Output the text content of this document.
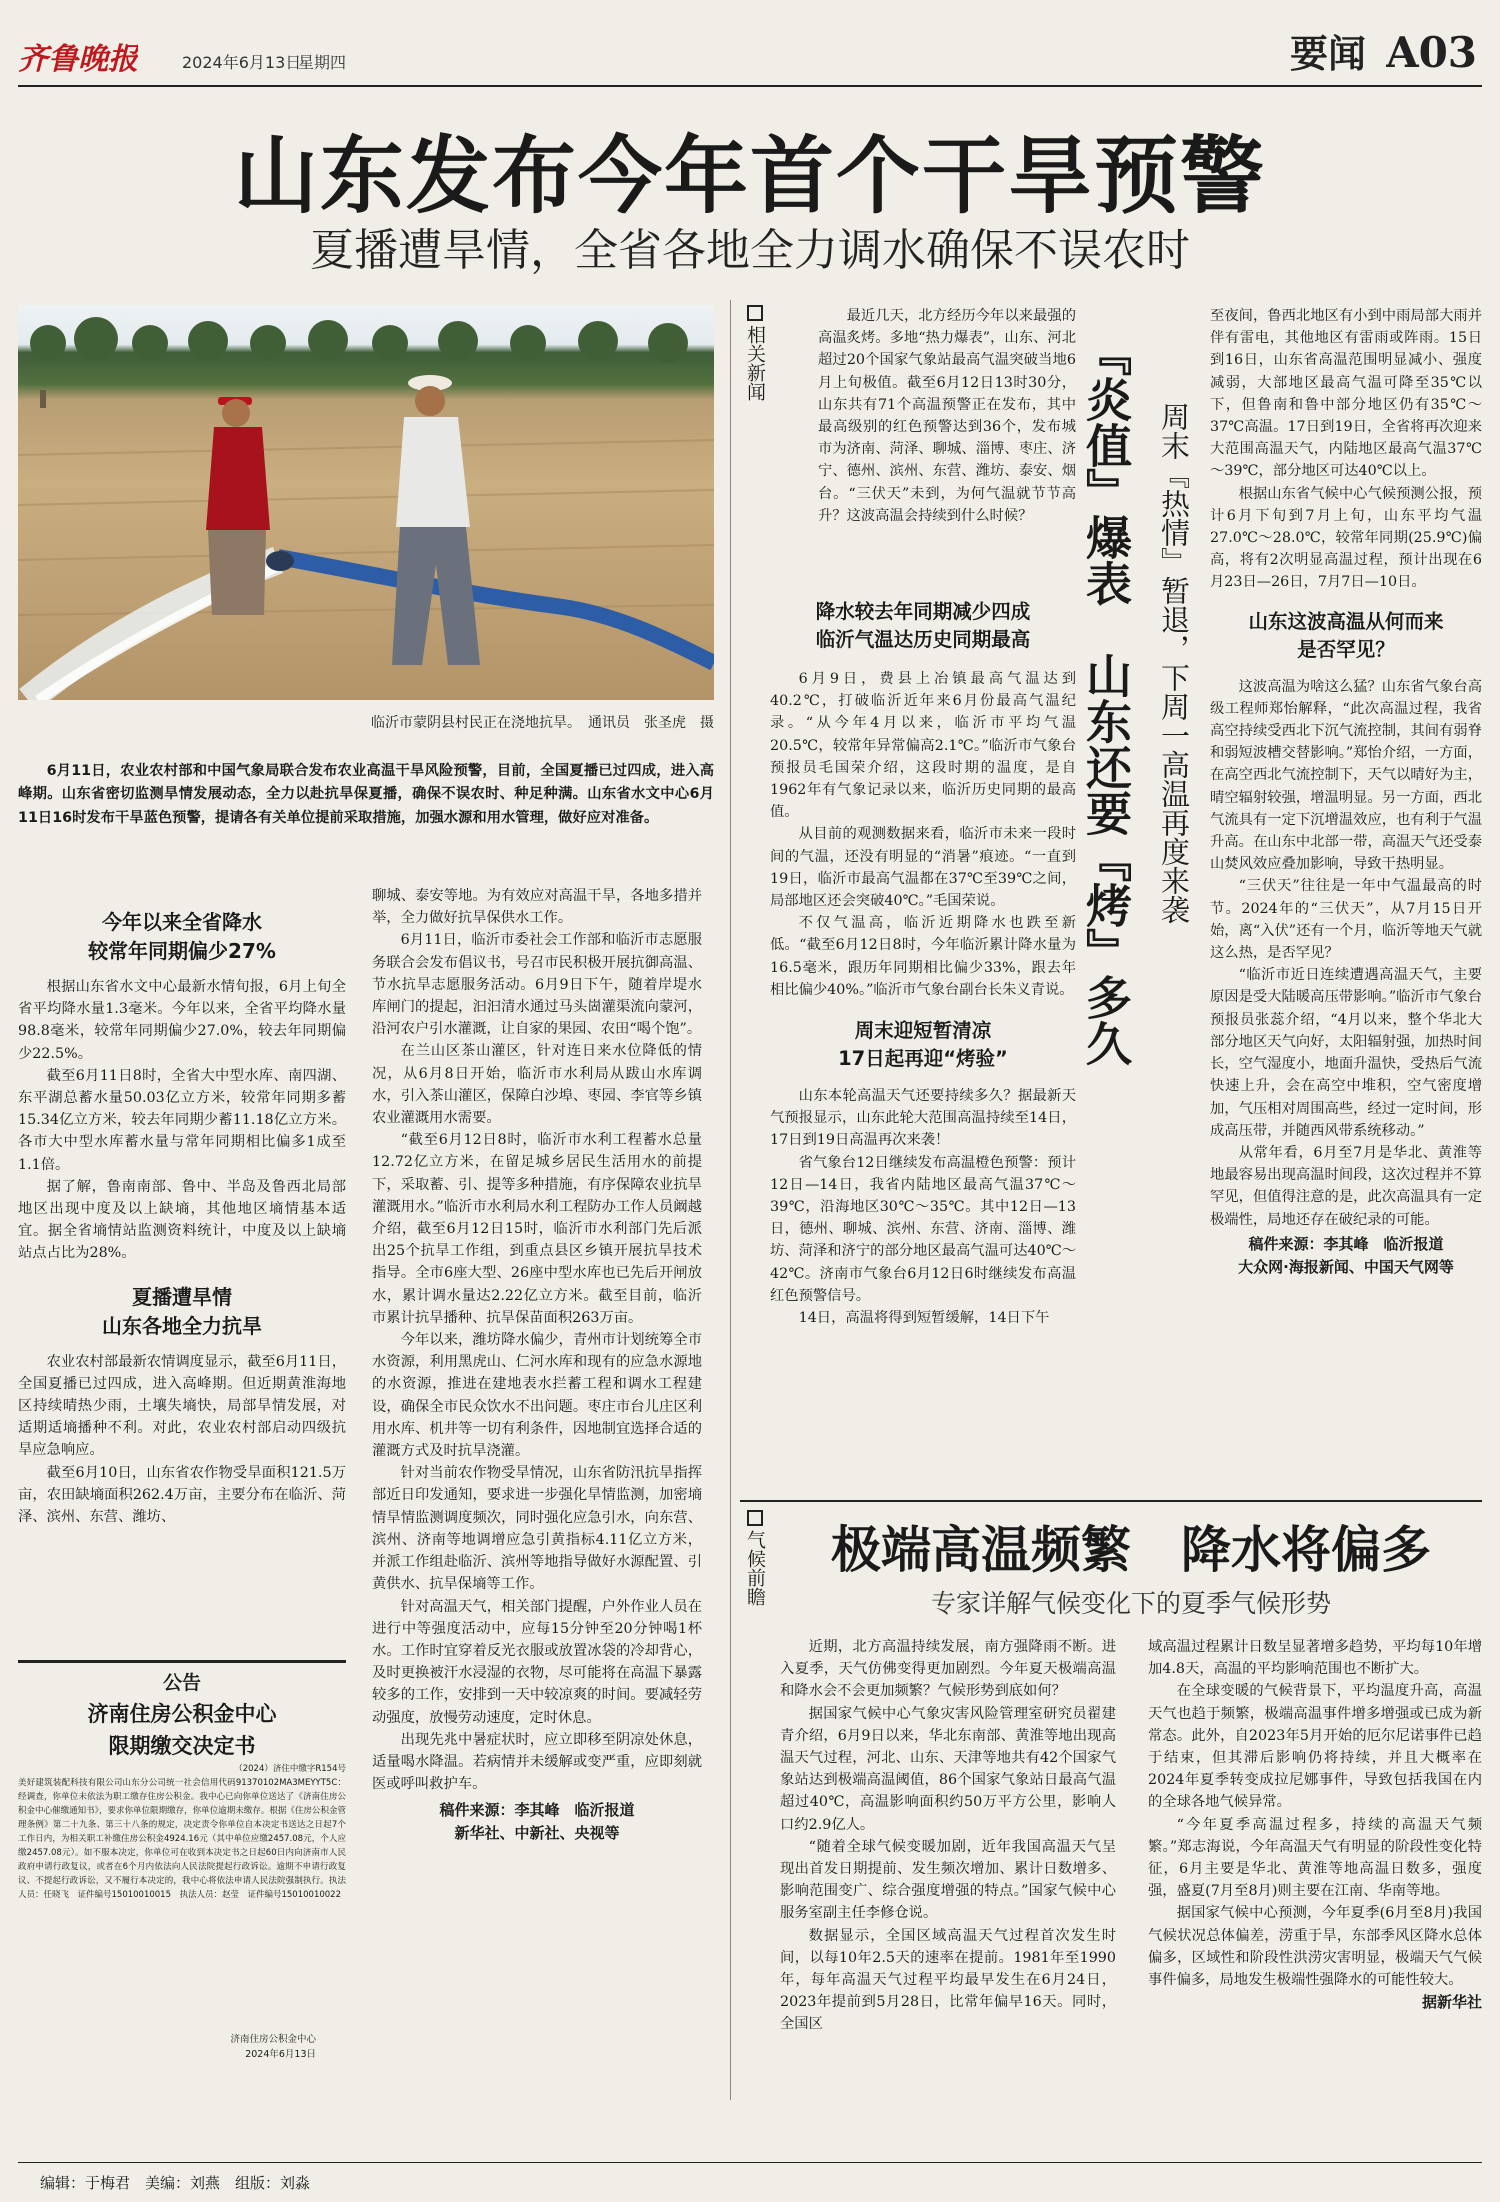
齐鲁晚报	2024年6月13日
星期四	要闻 A03
山东发布今年首个干旱预警
夏播遭旱情，全省各地全力调水确保不误农时
临沂市蒙阴县村民正在浇地抗旱。　通讯员　张圣虎　摄
6月11日，农业农村部和中国气象局联合发布农业高温干旱风险预警，目前，全国夏播已过四成，进入高峰期。山东省密切监测旱情发展动态，全力以赴抗旱保夏播，确保不误农时、种足种满。山东省水文中心6月11日16时发布干旱蓝色预警，提请各有关单位提前采取措施，加强水源和用水管理，做好应对准备。
今年以来全省降水
较常年同期偏少27%

根据山东省水文中心最新水情旬报，6月上旬全省平均降水量1.3毫米。今年以来，全省平均降水量98.8毫米，较常年同期偏少27.0%，较去年同期偏少22.5%。

截至6月11日8时，全省大中型水库、南四湖、东平湖总蓄水量50.03亿立方米，较常年同期多蓄15.34亿立方米，较去年同期少蓄11.18亿立方米。各市大中型水库蓄水量与常年同期相比偏多1成至1.1倍。

据了解，鲁南南部、鲁中、半岛及鲁西北局部地区出现中度及以上缺墒，其他地区墒情基本适宜。据全省墒情站监测资料统计，中度及以上缺墒站点占比为28%。

夏播遭旱情
山东各地全力抗旱

农业农村部最新农情调度显示，截至6月11日，全国夏播已过四成，进入高峰期。但近期黄淮海地区持续晴热少雨，土壤失墒快，局部旱情发展，对适期适墒播种不利。对此，农业农村部启动四级抗旱应急响应。

截至6月10日，山东省农作物受旱面积121.5万亩，农田缺墒面积262.4万亩，主要分布在临沂、菏泽、滨州、东营、潍坊、

公告
济南住房公积金中心
限期缴交决定书
（2024）济住中缴字R154号
美好建筑装配科技有限公司山东分公司统一社会信用代码91370102MA3MEYYT5C：经调查，你单位未依法为职工缴存住房公积金。我中心已向你单位送达了《济南住房公积金中心催缴通知书》，要求你单位限期缴存，你单位逾期未缴存。根据《住房公积金管理条例》第二十九条、第三十八条的规定，决定责令你单位自本决定书送达之日起7个工作日内，为相关职工补缴住房公积金4924.16元（其中单位应缴2457.08元，个人应缴2457.08元）。如不服本决定，你单位可在收到本决定书之日起60日内向济南市人民政府申请行政复议，或者在6个月内依法向人民法院提起行政诉讼。逾期不申请行政复议、不提起行政诉讼，又不履行本决定的，我中心将依法申请人民法院强制执行。执法人员：任晓飞　证件编号15010010015　执法人员：赵莹　证件编号15010010022
济南住房公积金中心
2024年6月13日

聊城、泰安等地。为有效应对高温干旱，各地多措并举，全力做好抗旱保供水工作。

6月11日，临沂市委社会工作部和临沂市志愿服务联合会发布倡议书，号召市民积极开展抗御高温、节水抗旱志愿服务活动。6月9日下午，随着岸堤水库闸门的提起，汩汩清水通过马头崮灌渠流向蒙河，沿河农户引水灌溉，让自家的果园、农田“喝个饱”。

在兰山区茶山灌区，针对连日来水位降低的情况，从6月8日开始，临沂市水利局从跋山水库调水，引入茶山灌区，保障白沙埠、枣园、李官等乡镇农业灌溉用水需要。

“截至6月12日8时，临沂市水利工程蓄水总量12.72亿立方米，在留足城乡居民生活用水的前提下，采取蓄、引、提等多种措施，有序保障农业抗旱灌溉用水。”临沂市水利局水利工程防办工作人员阚越介绍，截至6月12日15时，临沂市水利部门先后派出25个抗旱工作组，到重点县区乡镇开展抗旱技术指导。全市6座大型、26座中型水库也已先后开闸放水，累计调水量达2.22亿立方米。截至目前，临沂市累计抗旱播种、抗旱保苗面积263万亩。

今年以来，潍坊降水偏少，青州市计划统筹全市水资源，利用黑虎山、仁河水库和现有的应急水源地的水资源，推进在建地表水拦蓄工程和调水工程建设，确保全市民众饮水不出问题。枣庄市台儿庄区利用水库、机井等一切有利条件，因地制宜选择合适的灌溉方式及时抗旱浇灌。

针对当前农作物受旱情况，山东省防汛抗旱指挥部近日印发通知，要求进一步强化旱情监测，加密墒情旱情监测调度频次，同时强化应急引水，向东营、滨州、济南等地调增应急引黄指标4.11亿立方米，并派工作组赴临沂、滨州等地指导做好水源配置、引黄供水、抗旱保墒等工作。

针对高温天气，相关部门提醒，户外作业人员在进行中等强度活动中，应每15分钟至20分钟喝1杯水。工作时宜穿着反光衣服或放置冰袋的冷却背心，及时更换被汗水浸湿的衣物，尽可能将在高温下暴露较多的工作，安排到一天中较凉爽的时间。要减轻劳动强度，放慢劳动速度，定时休息。

出现先兆中暑症状时，应立即移至阴凉处休息，适量喝水降温。若病情并未缓解或变严重，应即刻就医或呼叫救护车。

稿件来源：李其峰　临沂报道
新华社、中新社、央视等
相关新闻

最近几天，北方经历今年以来最强的高温炙烤。多地“热力爆表”，山东、河北超过20个国家气象站最高气温突破当地6月上旬极值。截至6月12日13时30分，山东共有71个高温预警正在发布，其中最高级别的红色预警达到36个，发布城市为济南、菏泽、聊城、淄博、枣庄、济宁、德州、滨州、东营、潍坊、泰安、烟台。“三伏天”未到，为何气温就节节高升？这波高温会持续到什么时候？	『炎值』爆表　山东还要『烤』多久 周末『热情』暂退，下周一高温再度来袭
降水较去年同期减少四成
临沂气温达历史同期最高

6月9日，费县上冶镇最高气温达到40.2℃，打破临沂近年来6月份最高气温纪录。“从今年4月以来，临沂市平均气温20.5℃，较常年异常偏高2.1℃。”临沂市气象台预报员毛国荣介绍，这段时期的温度，是自1962年有气象记录以来，临沂历史同期的最高值。

从目前的观测数据来看，临沂市未来一段时间的气温，还没有明显的“消暑”痕迹。“一直到19日，临沂市最高气温都在37℃至39℃之间，局部地区还会突破40℃。”毛国荣说。

不仅气温高，临沂近期降水也跌至新低。“截至6月12日8时，今年临沂累计降水量为16.5毫米，跟历年同期相比偏少33%，跟去年相比偏少40%。”临沂市气象台副台长朱义青说。

周末迎短暂清凉
17日起再迎“烤验”

山东本轮高温天气还要持续多久？据最新天气预报显示，山东此轮大范围高温持续至14日，17日到19日高温再次来袭！

省气象台12日继续发布高温橙色预警：预计12日—14日，我省内陆地区最高气温37℃～39℃，沿海地区30℃～35℃。其中12日—13日，德州、聊城、滨州、东营、济南、淄博、潍坊、菏泽和济宁的部分地区最高气温可达40℃～42℃。济南市气象台6月12日6时继续发布高温红色预警信号。

14日，高温将得到短暂缓解，14日下午

至夜间，鲁西北地区有小到中雨局部大雨并伴有雷电，其他地区有雷雨或阵雨。15日到16日，山东省高温范围明显减小、强度减弱，大部地区最高气温可降至35℃以下，但鲁南和鲁中部分地区仍有35℃～37℃高温。17日到19日，全省将再次迎来大范围高温天气，内陆地区最高气温37℃～39℃，部分地区可达40℃以上。

根据山东省气候中心气候预测公报，预计6月下旬到7月上旬，山东平均气温27.0℃～28.0℃，较常年同期(25.9℃)偏高，将有2次明显高温过程，预计出现在6月23日—26日，7月7日—10日。

山东这波高温从何而来
是否罕见？

这波高温为啥这么猛？山东省气象台高级工程师郑怡解释，“此次高温过程，我省高空持续受西北下沉气流控制，其间有弱脊和弱短波槽交替影响。”郑怡介绍，一方面，在高空西北气流控制下，天气以晴好为主，晴空辐射较强，增温明显。另一方面，西北气流具有一定下沉增温效应，也有利于气温升高。在山东中北部一带，高温天气还受泰山焚风效应叠加影响，导致干热明显。

“三伏天”往往是一年中气温最高的时节。2024年的“三伏天”，从7月15日开始，离“入伏”还有一个月，临沂等地天气就这么热，是否罕见？

“临沂市近日连续遭遇高温天气，主要原因是受大陆暖高压带影响。”临沂市气象台预报员张蕊介绍，“4月以来，整个华北大部分地区天气向好，太阳辐射强，加热时间长，空气湿度小，地面升温快，受热后气流快速上升，会在高空中堆积，空气密度增加，气压相对周围高些，经过一定时间，形成高压带，并随西风带系统移动。”

从常年看，6月至7月是华北、黄淮等地最容易出现高温时间段，这次过程并不算罕见，但值得注意的是，此次高温具有一定极端性，局地还存在破纪录的可能。

稿件来源：李其峰　临沂报道
大众网·海报新闻、中国天气网等
气候前瞻	极端高温频繁　降水将偏多
专家详解气候变化下的夏季气候形势

近期，北方高温持续发展，南方强降雨不断。进入夏季，天气仿佛变得更加剧烈。今年夏天极端高温和降水会不会更加频繁？气候形势到底如何？

据国家气候中心气象灾害风险管理室研究员翟建青介绍，6月9日以来，华北东南部、黄淮等地出现高温天气过程，河北、山东、天津等地共有42个国家气象站达到极端高温阈值，86个国家气象站日最高气温超过40℃，高温影响面积约50万平方公里，影响人口约2.9亿人。

“随着全球气候变暖加剧，近年我国高温天气呈现出首发日期提前、发生频次增加、累计日数增多、影响范围变广、综合强度增强的特点。”国家气候中心服务室副主任李修仓说。

数据显示，全国区域高温天气过程首次发生时间，以每10年2.5天的速率在提前。1981年至1990年，每年高温天气过程平均最早发生在6月24日，2023年提前到5月28日，比常年偏早16天。同时，全国区

域高温过程累计日数呈显著增多趋势，平均每10年增加4.8天，高温的平均影响范围也不断扩大。

在全球变暖的气候背景下，平均温度升高，高温天气也趋于频繁，极端高温事件增多增强或已成为新常态。此外，自2023年5月开始的厄尔尼诺事件已趋于结束，但其滞后影响仍将持续，并且大概率在2024年夏季转变成拉尼娜事件，导致包括我国在内的全球各地气候异常。

“今年夏季高温过程多，持续的高温天气频繁。”郑志海说，今年高温天气有明显的阶段性变化特征，6月主要是华北、黄淮等地高温日数多，强度强，盛夏(7月至8月)则主要在江南、华南等地。

据国家气候中心预测，今年夏季(6月至8月)我国气候状况总体偏差，涝重于旱，东部季风区降水总体偏多，区域性和阶段性洪涝灾害明显，极端天气气候事件偏多，局地发生极端性强降水的可能性较大。

据新华社
编辑：于梅君　美编：刘燕　组版：刘淼
